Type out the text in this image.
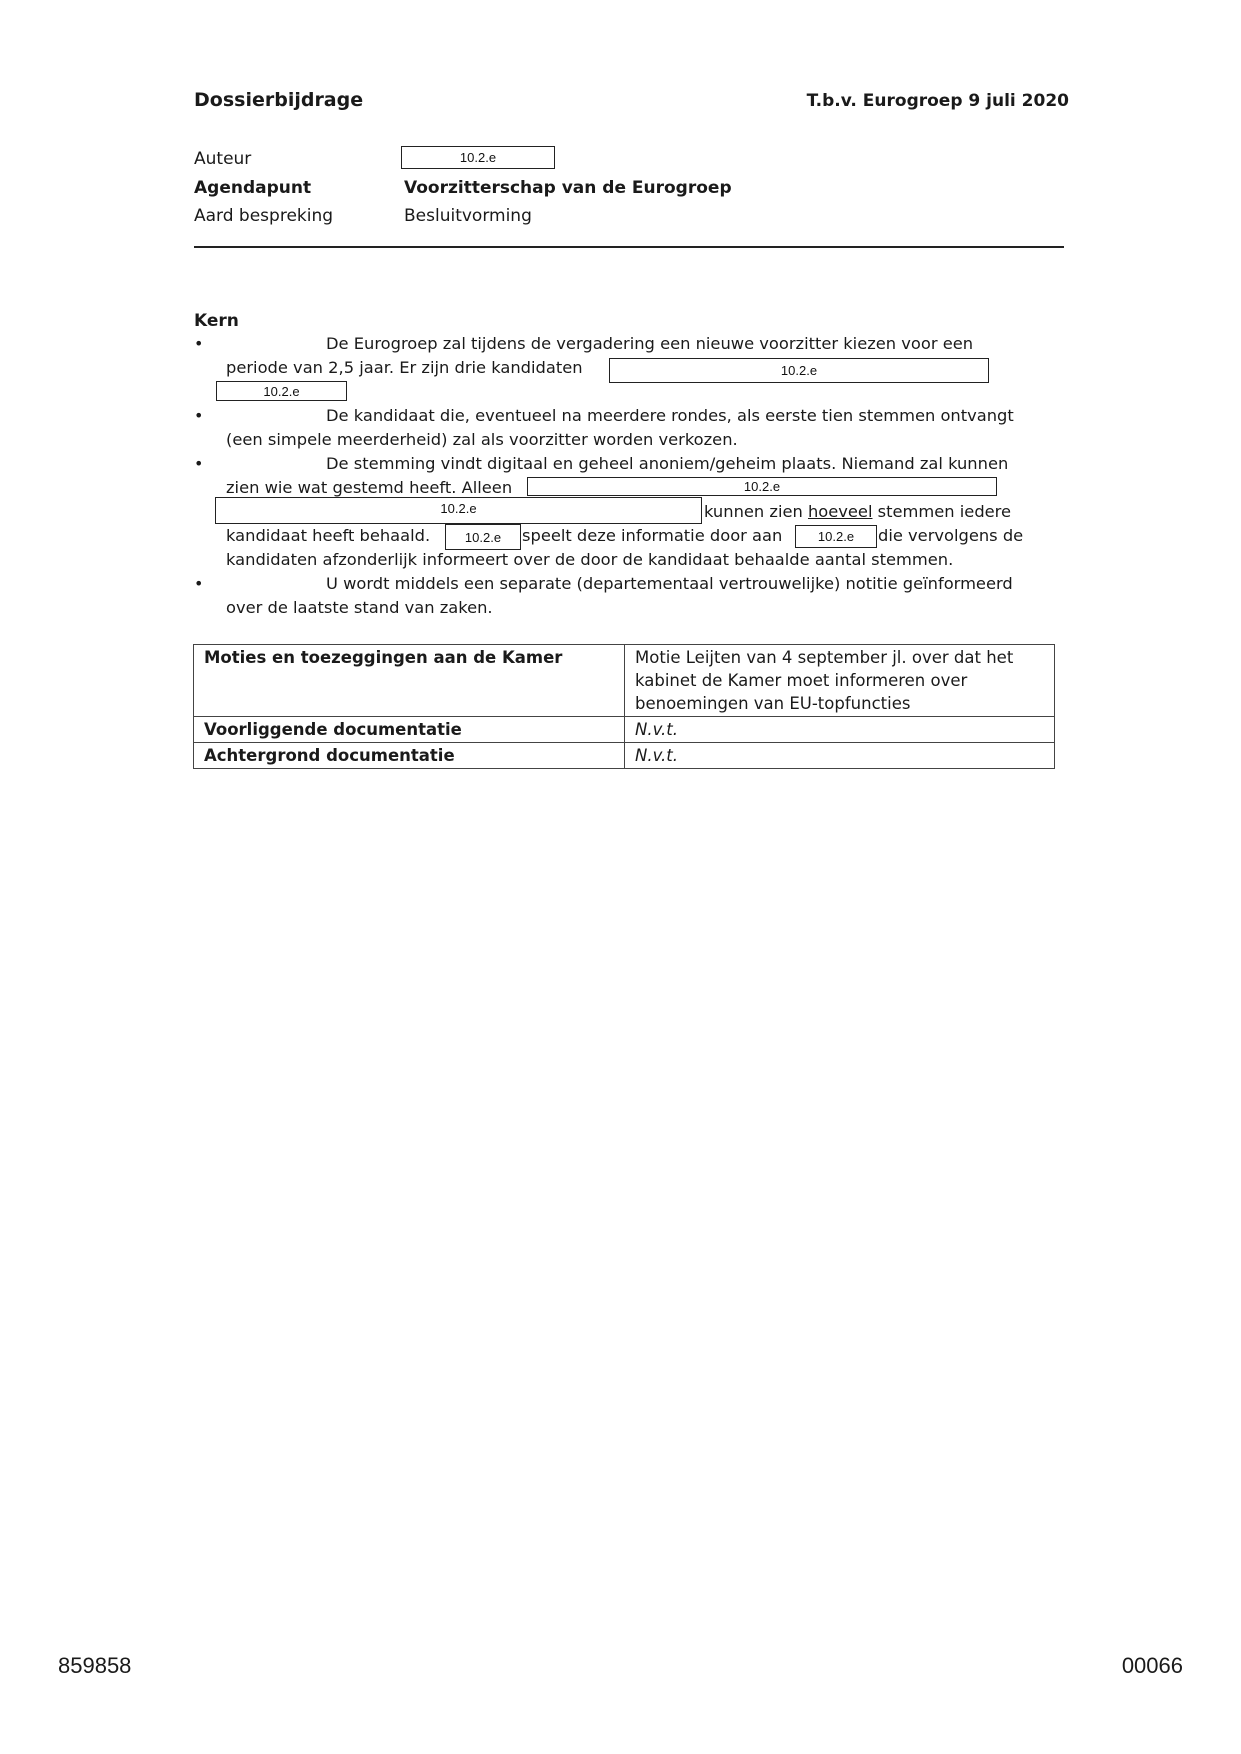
Dossierbijdrage	T.b.v. Eurogroep 9 juli 2020
Auteur	10.2.e
Agendapunt	Voorzitterschap van de Eurogroep
Aard bespreking	Besluitvorming
Kern
•	De Eurogroep zal tijdens de vergadering een nieuwe voorzitter kiezen voor een
periode van 2,5 jaar. Er zijn drie kandidaten	10.2.e
10.2.e
•	De kandidaat die, eventueel na meerdere rondes, als eerste tien stemmen ontvangt
(een simpele meerderheid) zal als voorzitter worden verkozen.
•	De stemming vindt digitaal en geheel anoniem/geheim plaats. Niemand zal kunnen
zien wie wat gestemd heeft. Alleen	10.2.e
10.2.e	kunnen zien hoeveel stemmen iedere
kandidaat heeft behaald.	10.2.e	speelt deze informatie door aan	10.2.e	die vervolgens de
kandidaten afzonderlijk informeert over de door de kandidaat behaalde aantal stemmen.
•	U wordt middels een separate (departementaal vertrouwelijke) notitie geïnformeerd
over de laatste stand van zaken.
Moties en toezeggingen aan de Kamer	Motie Leijten van 4 september jl. over dat het kabinet de Kamer moet informeren over benoemingen van EU-topfuncties
Voorliggende documentatie	N.v.t.
Achtergrond documentatie	N.v.t.
859858	00066
